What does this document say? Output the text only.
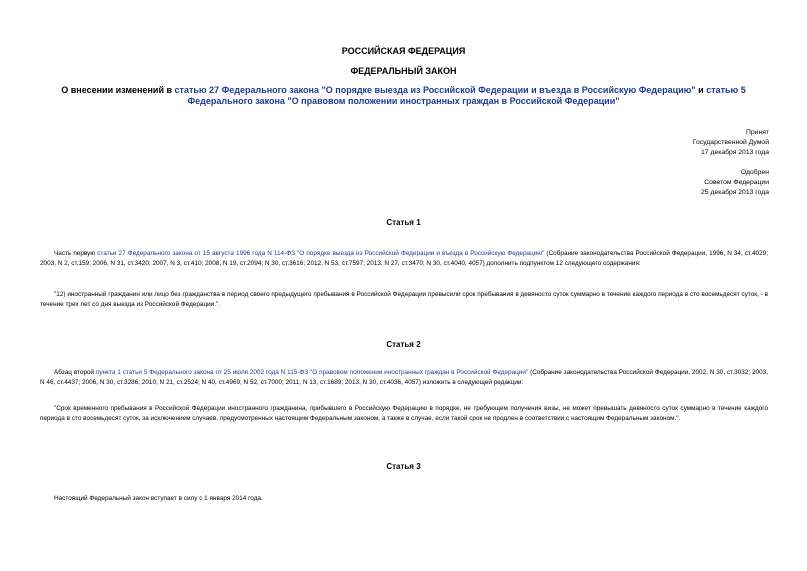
РОССИЙСКАЯ ФЕДЕРАЦИЯ
ФЕДЕРАЛЬНЫЙ ЗАКОН
О внесении изменений в статью 27 Федерального закона "О порядке выезда из Российской Федерации и въезда в Российскую Федерацию" и статью 5
Федерального закона "О правовом положении иностранных граждан в Российской Федерации"
Принят
Государственной Думой
17 декабря 2013 года
Одобрен
Советом Федерации
25 декабря 2013 года
Статья 1
Часть первую статьи 27 Федерального закона от 15 августа 1996 года N 114-ФЗ "О порядке выезда из Российской Федерации и въезда в Российскую Федерацию" (Собрание законодательства Российской Федерации, 1996, N 34, ст.4029; 2003, N 2, ст.159; 2006, N 31, ст.3420; 2007, N 3, ст.410; 2008, N 19, ст.2094; N 30, ст.3616; 2012, N 53, ст.7597; 2013, N 27, ст.3470; N 30, ст.4040, 4057) дополнить подпунктом 12 следующего содержания:
"12) иностранный гражданин или лицо без гражданства в период своего предыдущего пребывания в Российской Федерации превысили срок пребывания в девяносто суток суммарно в течение каждого периода в сто восемьдесят суток, - в течение трех лет со дня выезда из Российской Федерации.".
Статья 2
Абзац второй пункта 1 статьи 5 Федерального закона от 25 июля 2002 года N 115-ФЗ "О правовом положении иностранных граждан в Российской Федерации" (Собрание законодательства Российской Федерации, 2002, N 30, ст.3032; 2003, N 46, ст.4437; 2006, N 30, ст.3286; 2010, N 21, ст.2524; N 40, ст.4969; N 52, ст.7000; 2011, N 13, ст.1689; 2013, N 30, ст.4036, 4057) изложить в следующей редакции:
"Срок временного пребывания в Российской Федерации иностранного гражданина, прибывшего в Российскую Федерацию в порядке, не требующем получения визы, не может превышать девяносто суток суммарно в течение каждого периода в сто восемьдесят суток, за исключением случаев, предусмотренных настоящим Федеральным законом, а также в случае, если такой срок не продлен в соответствии с настоящим Федеральным законом.".
Статья 3
Настоящий Федеральный закон вступает в силу с 1 января 2014 года.
